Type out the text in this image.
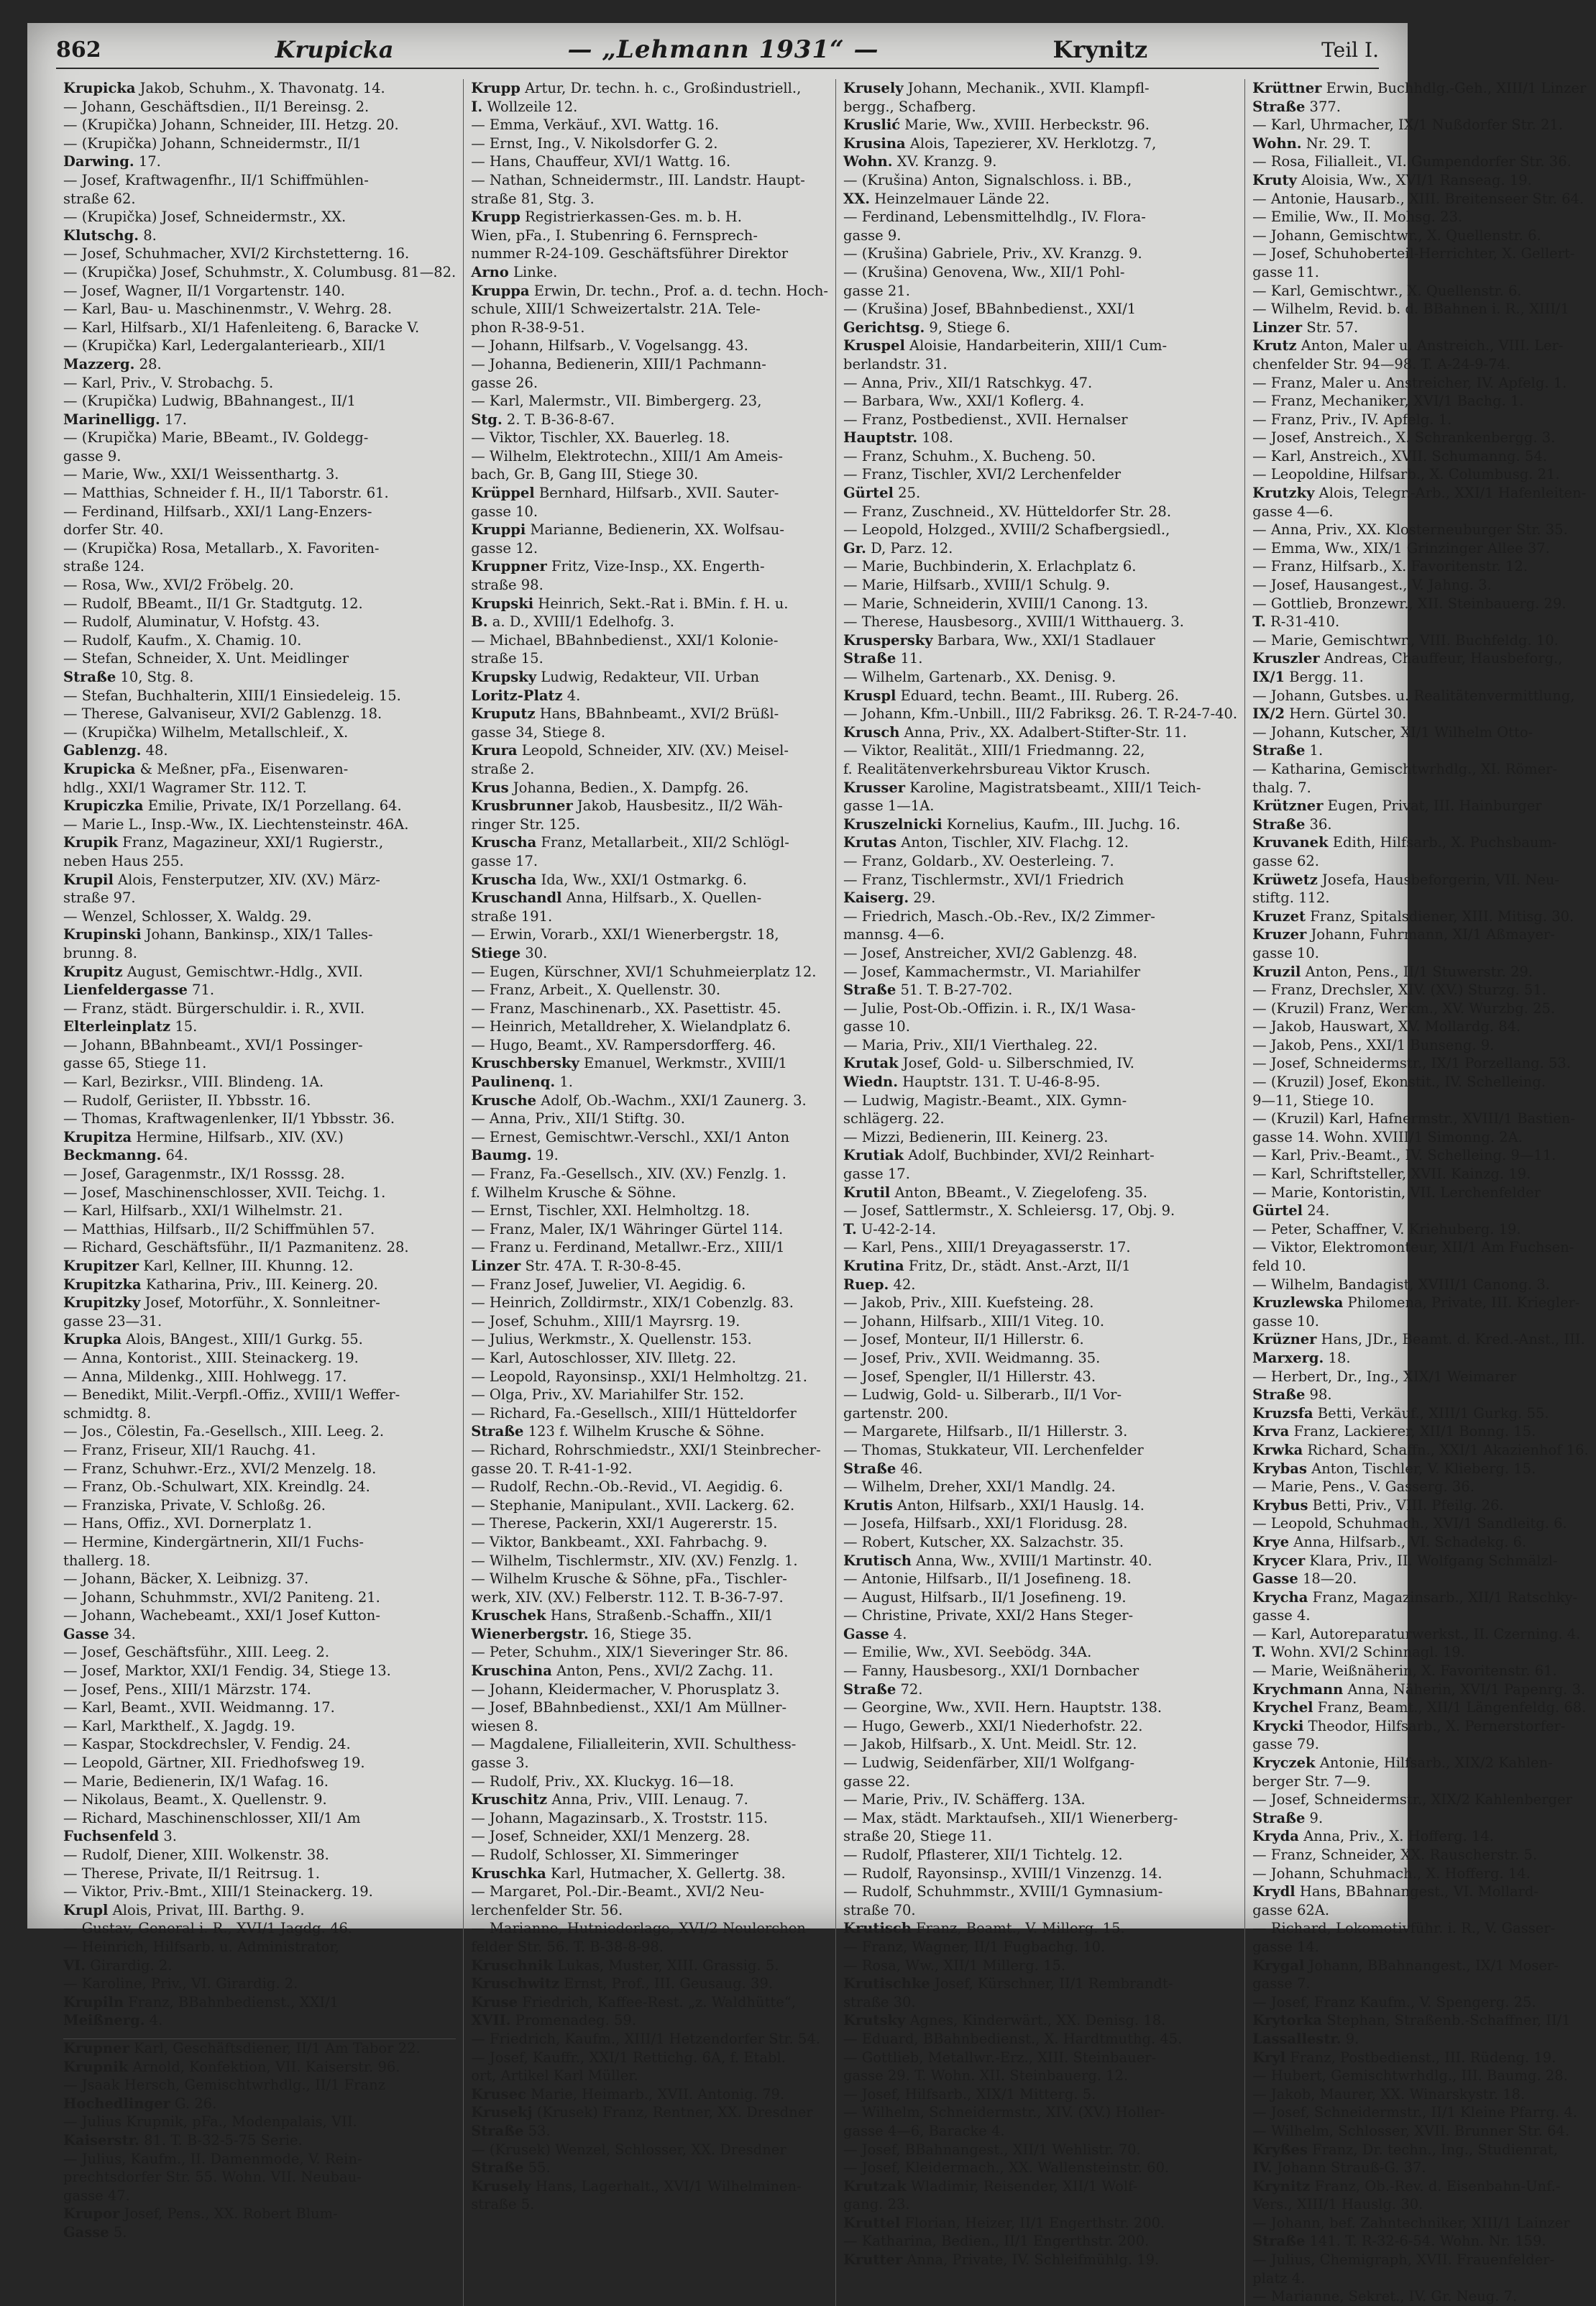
862	Krupicka	— „Lehmann 1931“ —	Krynitz	Teil I.
Krupicka Jakob, Schuhm., X. Thavonatg. 14.
— Johann, Geschäftsdien., II/1 Bereinsg. 2.
— (Krupička) Johann, Schneider, III. Hetzg. 20.
— (Krupička) Johann, Schneidermstr., II/1
Darwing. 17.
— Josef, Kraftwagenfhr., II/1 Schiffmühlen-
straße 62.
— (Krupička) Josef, Schneidermstr., XX.
Klutschg. 8.
— Josef, Schuhmacher, XVI/2 Kirchstetterng. 16.
— (Krupička) Josef, Schuhmstr., X. Columbusg. 81—82.
— Josef, Wagner, II/1 Vorgartenstr. 140.
— Karl, Bau- u. Maschinenmstr., V. Wehrg. 28.
— Karl, Hilfsarb., XI/1 Hafenleiteng. 6, Baracke V.
— (Krupička) Karl, Ledergalanteriearb., XII/1
Mazzerg. 28.
— Karl, Priv., V. Strobachg. 5.
— (Krupička) Ludwig, BBahnangest., II/1
Marinelligg. 17.
— (Krupička) Marie, BBeamt., IV. Goldegg-
gasse 9.
— Marie, Ww., XXI/1 Weissenthartg. 3.
— Matthias, Schneider f. H., II/1 Taborstr. 61.
— Ferdinand, Hilfsarb., XXI/1 Lang-Enzers-
dorfer Str. 40.
— (Krupička) Rosa, Metallarb., X. Favoriten-
straße 124.
— Rosa, Ww., XVI/2 Fröbelg. 20.
— Rudolf, BBeamt., II/1 Gr. Stadtgutg. 12.
— Rudolf, Aluminatur, V. Hofstg. 43.
— Rudolf, Kaufm., X. Chamig. 10.
— Stefan, Schneider, X. Unt. Meidlinger
Straße 10, Stg. 8.
— Stefan, Buchhalterin, XIII/1 Einsiedeleig. 15.
— Therese, Galvaniseur, XVI/2 Gablenzg. 18.
— (Krupička) Wilhelm, Metallschleif., X.
Gablenzg. 48.
Krupicka & Meßner, pFa., Eisenwaren-
hdlg., XXI/1 Wagramer Str. 112. T.
Krupiczka Emilie, Private, IX/1 Porzellang. 64.
— Marie L., Insp.-Ww., IX. Liechtensteinstr. 46A.
Krupik Franz, Magazineur, XXI/1 Rugierstr.,
neben Haus 255.
Krupil Alois, Fensterputzer, XIV. (XV.) März-
straße 97.
— Wenzel, Schlosser, X. Waldg. 29.
Krupinski Johann, Bankinsp., XIX/1 Talles-
brunng. 8.
Krupitz August, Gemischtwr.-Hdlg., XVII.
Lienfeldergasse 71.
— Franz, städt. Bürgerschuldir. i. R., XVII.
Elterleinplatz 15.
— Johann, BBahnbeamt., XVI/1 Possinger-
gasse 65, Stiege 11.
— Karl, Bezirksr., VIII. Blindeng. 1A.
— Rudolf, Geriister, II. Ybbsstr. 16.
— Thomas, Kraftwagenlenker, II/1 Ybbsstr. 36.
Krupitza Hermine, Hilfsarb., XIV. (XV.)
Beckmanng. 64.
— Josef, Garagenmstr., IX/1 Rosssg. 28.
— Josef, Maschinenschlosser, XVII. Teichg. 1.
— Karl, Hilfsarb., XXI/1 Wilhelmstr. 21.
— Matthias, Hilfsarb., II/2 Schiffmühlen 57.
— Richard, Geschäftsführ., II/1 Pazmanitenz. 28.
Krupitzer Karl, Kellner, III. Khunng. 12.
Krupitzka Katharina, Priv., III. Keinerg. 20.
Krupitzky Josef, Motorführ., X. Sonnleitner-
gasse 23—31.
Krupka Alois, BAngest., XIII/1 Gurkg. 55.
— Anna, Kontorist., XIII. Steinackerg. 19.
— Anna, Mildenkg., XIII. Hohlwegg. 17.
— Benedikt, Milit.-Verpfl.-Offiz., XVIII/1 Weffer-
schmidtg. 8.
— Jos., Cölestin, Fa.-Gesellsch., XIII. Leeg. 2.
— Franz, Friseur, XII/1 Rauchg. 41.
— Franz, Schuhwr.-Erz., XVI/2 Menzelg. 18.
— Franz, Ob.-Schulwart, XIX. Kreindlg. 24.
— Franziska, Private, V. Schloßg. 26.
— Hans, Offiz., XVI. Dornerplatz 1.
— Hermine, Kindergärtnerin, XII/1 Fuchs-
thallerg. 18.
— Johann, Bäcker, X. Leibnizg. 37.
— Johann, Schuhmmstr., XVI/2 Paniteng. 21.
— Johann, Wachebeamt., XXI/1 Josef Kutton-
Gasse 34.
— Josef, Geschäftsführ., XIII. Leeg. 2.
— Josef, Marktor, XXI/1 Fendig. 34, Stiege 13.
— Josef, Pens., XIII/1 Märzstr. 174.
— Karl, Beamt., XVII. Weidmanng. 17.
— Karl, Markthelf., X. Jagdg. 19.
— Kaspar, Stockdrechsler, V. Fendig. 24.
— Leopold, Gärtner, XII. Friedhofsweg 19.
— Marie, Bedienerin, IX/1 Wafag. 16.
— Nikolaus, Beamt., X. Quellenstr. 9.
— Richard, Maschinenschlosser, XII/1 Am
Fuchsenfeld 3.
— Rudolf, Diener, XIII. Wolkenstr. 38.
— Therese, Private, II/1 Reitrsug. 1.
— Viktor, Priv.-Bmt., XIII/1 Steinackerg. 19.
Krupl Alois, Privat, III. Barthg. 9.
— Gustav, General i. R., XVI/1 Jagdg. 46.
— Heinrich, Hilfsarb. u. Administrator,
VI. Girardig. 2.
— Karoline, Priv., VI. Girardig. 2.
Krupiln Franz, BBahnbedienst., XXI/1
Meißnerg. 4.
Krupner Karl, Geschäftsdiener, II/1 Am Tabor 22.
Krupnik Arnold, Konfektion, VII. Kaiserstr. 96.
— Jsaak Hersch, Gemischtwrhdlg., II/1 Franz
Hochedlinger G. 26.
— Julius Krupnik, pFa., Modenpalais, VII.
Kaiserstr. 81. T. B-32-5-75 Serie.
— Julius, Kaufm., II. Damenmode, V. Rein-
prechtsdorfer Str. 55. Wohn. VII. Neubau-
gasse 47.
Krupor Josef, Pens., XX. Robert Blum-
Gasse 5.
Krupp Artur, Dr. techn. h. c., Großindustriell.,
I. Wollzeile 12.
— Emma, Verkäuf., XVI. Wattg. 16.
— Ernst, Ing., V. Nikolsdorfer G. 2.
— Hans, Chauffeur, XVI/1 Wattg. 16.
— Nathan, Schneidermstr., III. Landstr. Haupt-
straße 81, Stg. 3.
Krupp Registrierkassen-Ges. m. b. H.
Wien, pFa., I. Stubenring 6. Fernsprech-
nummer R-24-109. Geschäftsführer Direktor
Arno Linke.
Kruppa Erwin, Dr. techn., Prof. a. d. techn. Hoch-
schule, XIII/1 Schweizertalstr. 21A. Tele-
phon R-38-9-51.
— Johann, Hilfsarb., V. Vogelsangg. 43.
— Johanna, Bedienerin, XIII/1 Pachmann-
gasse 26.
— Karl, Malermstr., VII. Bimbergerg. 23,
Stg. 2. T. B-36-8-67.
— Viktor, Tischler, XX. Bauerleg. 18.
— Wilhelm, Elektrotechn., XIII/1 Am Ameis-
bach, Gr. B, Gang III, Stiege 30.
Krüppel Bernhard, Hilfsarb., XVII. Sauter-
gasse 10.
Kruppi Marianne, Bedienerin, XX. Wolfsau-
gasse 12.
Kruppner Fritz, Vize-Insp., XX. Engerth-
straße 98.
Krupski Heinrich, Sekt.-Rat i. BMin. f. H. u.
B. a. D., XVIII/1 Edelhofg. 3.
— Michael, BBahnbedienst., XXI/1 Kolonie-
straße 15.
Krupsky Ludwig, Redakteur, VII. Urban
Loritz-Platz 4.
Kruputz Hans, BBahnbeamt., XVI/2 Brüßl-
gasse 34, Stiege 8.
Krura Leopold, Schneider, XIV. (XV.) Meisel-
straße 2.
Krus Johanna, Bedien., X. Dampfg. 26.
Krusbrunner Jakob, Hausbesitz., II/2 Wäh-
ringer Str. 125.
Kruscha Franz, Metallarbeit., XII/2 Schlögl-
gasse 17.
Kruscha Ida, Ww., XXI/1 Ostmarkg. 6.
Kruschandl Anna, Hilfsarb., X. Quellen-
straße 191.
— Erwin, Vorarb., XXI/1 Wienerbergstr. 18,
Stiege 30.
— Eugen, Kürschner, XVI/1 Schuhmeierplatz 12.
— Franz, Arbeit., X. Quellenstr. 30.
— Franz, Maschinenarb., XX. Pasettistr. 45.
— Heinrich, Metalldreher, X. Wielandplatz 6.
— Hugo, Beamt., XV. Rampersdorfferg. 46.
Kruschbersky Emanuel, Werkmstr., XVIII/1
Paulinenq. 1.
Krusche Adolf, Ob.-Wachm., XXI/1 Zaunerg. 3.
— Anna, Priv., XII/1 Stiftg. 30.
— Ernest, Gemischtwr.-Verschl., XXI/1 Anton
Baumg. 19.
— Franz, Fa.-Gesellsch., XIV. (XV.) Fenzlg. 1.
f. Wilhelm Krusche & Söhne.
— Ernst, Tischler, XXI. Helmholtzg. 18.
— Franz, Maler, IX/1 Währinger Gürtel 114.
— Franz u. Ferdinand, Metallwr.-Erz., XIII/1
Linzer Str. 47A. T. R-30-8-45.
— Franz Josef, Juwelier, VI. Aegidig. 6.
— Heinrich, Zolldirmstr., XIX/1 Cobenzlg. 83.
— Josef, Schuhm., XIII/1 Mayrsrg. 19.
— Julius, Werkmstr., X. Quellenstr. 153.
— Karl, Autoschlosser, XIV. Illetg. 22.
— Leopold, Rayonsinsp., XXI/1 Helmholtzg. 21.
— Olga, Priv., XV. Mariahilfer Str. 152.
— Richard, Fa.-Gesellsch., XIII/1 Hütteldorfer
Straße 123 f. Wilhelm Krusche & Söhne.
— Richard, Rohrschmiedstr., XXI/1 Steinbrecher-
gasse 20. T. R-41-1-92.
— Rudolf, Rechn.-Ob.-Revid., VI. Aegidig. 6.
— Stephanie, Manipulant., XVII. Lackerg. 62.
— Therese, Packerin, XXI/1 Augererstr. 15.
— Viktor, Bankbeamt., XXI. Fahrbachg. 9.
— Wilhelm, Tischlermstr., XIV. (XV.) Fenzlg. 1.
— Wilhelm Krusche & Söhne, pFa., Tischler-
werk, XIV. (XV.) Felberstr. 112. T. B-36-7-97.
Kruschek Hans, Straßenb.-Schaffn., XII/1
Wienerbergstr. 16, Stiege 35.
— Peter, Schuhm., XIX/1 Sieveringer Str. 86.
Kruschina Anton, Pens., XVI/2 Zachg. 11.
— Johann, Kleidermacher, V. Phorusplatz 3.
— Josef, BBahnbedienst., XXI/1 Am Müllner-
wiesen 8.
— Magdalene, Filialleiterin, XVII. Schulthess-
gasse 3.
— Rudolf, Priv., XX. Kluckyg. 16—18.
Kruschitz Anna, Priv., VIII. Lenaug. 7.
— Johann, Magazinsarb., X. Troststr. 115.
— Josef, Schneider, XXI/1 Menzerg. 28.
— Rudolf, Schlosser, XI. Simmeringer
Kruschka Karl, Hutmacher, X. Gellertg. 38.
— Margaret, Pol.-Dir.-Beamt., XVI/2 Neu-
lerchenfelder Str. 56.
— Marianne, Hutniederlage, XVI/2 Neulerchen-
felder Str. 56. T. B-38-8-98.
Kruschnik Lukas, Muster, XIII. Grassig. 5.
Kruschwitz Ernst, Prof., III. Geusaug. 39.
Kruse Friedrich, Kaffee-Rest. „z. Waldhütte“,
XVII. Promenadeg. 59.
— Friedrich, Kaufm., XIII/1 Hetzendorfer Str. 54.
— Josef, Kauffr., XXI/1 Rettichg. 6A, f. Etabl.
ort, Artikel Karl Müller.
Krusec Marie, Heimarb., XVII. Antonig. 79.
Krusekj (Krusek) Franz, Rentner, XX. Dresdner
Straße 53.
— (Krusek) Wenzel, Schlosser, XX. Dresdner
Straße 55.
Krusely Hans, Lagerhalt., XVI/1 Wilhelminen-
straße 5.
Krusely Johann, Mechanik., XVII. Klampfl-
bergg., Schafberg.
Kruslić Marie, Ww., XVIII. Herbeckstr. 96.
Krusina Alois, Tapezierer, XV. Herklotzg. 7,
Wohn. XV. Kranzg. 9.
— (Krušina) Anton, Signalschloss. i. BB.,
XX. Heinzelmauer Lände 22.
— Ferdinand, Lebensmittelhdlg., IV. Flora-
gasse 9.
— (Krušina) Gabriele, Priv., XV. Kranzg. 9.
— (Krušina) Genovena, Ww., XII/1 Pohl-
gasse 21.
— (Krušina) Josef, BBahnbedienst., XXI/1
Gerichtsg. 9, Stiege 6.
Kruspel Aloisie, Handarbeiterin, XIII/1 Cum-
berlandstr. 31.
— Anna, Priv., XII/1 Ratschkyg. 47.
— Barbara, Ww., XXI/1 Koflerg. 4.
— Franz, Postbedienst., XVII. Hernalser
Hauptstr. 108.
— Franz, Schuhm., X. Bucheng. 50.
— Franz, Tischler, XVI/2 Lerchenfelder
Gürtel 25.
— Franz, Zuschneid., XV. Hütteldorfer Str. 28.
— Leopold, Holzged., XVIII/2 Schafbergsiedl.,
Gr. D, Parz. 12.
— Marie, Buchbinderin, X. Erlachplatz 6.
— Marie, Hilfsarb., XVIII/1 Schulg. 9.
— Marie, Schneiderin, XVIII/1 Canong. 13.
— Therese, Hausbesorg., XVIII/1 Witthauerg. 3.
Kruspersky Barbara, Ww., XXI/1 Stadlauer
Straße 11.
— Wilhelm, Gartenarb., XX. Denisg. 9.
Kruspl Eduard, techn. Beamt., III. Ruberg. 26.
— Johann, Kfm.-Unbill., III/2 Fabriksg. 26. T. R-24-7-40.
Krusch Anna, Priv., XX. Adalbert-Stifter-Str. 11.
— Viktor, Realität., XIII/1 Friedmanng. 22,
f. Realitätenverkehrsbureau Viktor Krusch.
Krusser Karoline, Magistratsbeamt., XIII/1 Teich-
gasse 1—1A.
Kruszelnicki Kornelius, Kaufm., III. Juchg. 16.
Krutas Anton, Tischler, XIV. Flachg. 12.
— Franz, Goldarb., XV. Oesterleing. 7.
— Franz, Tischlermstr., XVI/1 Friedrich
Kaiserg. 29.
— Friedrich, Masch.-Ob.-Rev., IX/2 Zimmer-
mannsg. 4—6.
— Josef, Anstreicher, XVI/2 Gablenzg. 48.
— Josef, Kammachermstr., VI. Mariahilfer
Straße 51. T. B-27-702.
— Julie, Post-Ob.-Offizin. i. R., IX/1 Wasa-
gasse 10.
— Maria, Priv., XII/1 Vierthaleg. 22.
Krutak Josef, Gold- u. Silberschmied, IV.
Wiedn. Hauptstr. 131. T. U-46-8-95.
— Ludwig, Magistr.-Beamt., XIX. Gymn-
schlägerg. 22.
— Mizzi, Bedienerin, III. Keinerg. 23.
Krutiak Adolf, Buchbinder, XVI/2 Reinhart-
gasse 17.
Krutil Anton, BBeamt., V. Ziegelofeng. 35.
— Josef, Sattlermstr., X. Schleiersg. 17, Obj. 9.
T. U-42-2-14.
— Karl, Pens., XIII/1 Dreyagasserstr. 17.
Krutina Fritz, Dr., städt. Anst.-Arzt, II/1
Ruep. 42.
— Jakob, Priv., XIII. Kuefsteing. 28.
— Johann, Hilfsarb., XIII/1 Viteg. 10.
— Josef, Monteur, II/1 Hillerstr. 6.
— Josef, Priv., XVII. Weidmanng. 35.
— Josef, Spengler, II/1 Hillerstr. 43.
— Ludwig, Gold- u. Silberarb., II/1 Vor-
gartenstr. 200.
— Margarete, Hilfsarb., II/1 Hillerstr. 3.
— Thomas, Stukkateur, VII. Lerchenfelder
Straße 46.
— Wilhelm, Dreher, XXI/1 Mandlg. 24.
Krutis Anton, Hilfsarb., XXI/1 Hauslg. 14.
— Josefa, Hilfsarb., XXI/1 Floridusg. 28.
— Robert, Kutscher, XX. Salzachstr. 35.
Krutisch Anna, Ww., XVIII/1 Martinstr. 40.
— Antonie, Hilfsarb., II/1 Josefineng. 18.
— August, Hilfsarb., II/1 Josefineng. 19.
— Christine, Private, XXI/2 Hans Steger-
Gasse 4.
— Emilie, Ww., XVI. Seebödg. 34A.
— Fanny, Hausbesorg., XXI/1 Dornbacher
Straße 72.
— Georgine, Ww., XVII. Hern. Hauptstr. 138.
— Hugo, Gewerb., XXI/1 Niederhofstr. 22.
— Jakob, Hilfsarb., X. Unt. Meidl. Str. 12.
— Ludwig, Seidenfärber, XII/1 Wolfgang-
gasse 22.
— Marie, Priv., IV. Schäfferg. 13A.
— Max, städt. Marktaufseh., XII/1 Wienerberg-
straße 20, Stiege 11.
— Rudolf, Pflasterer, XII/1 Tichtelg. 12.
— Rudolf, Rayonsinsp., XVIII/1 Vinzenzg. 14.
— Rudolf, Schuhmmstr., XVIII/1 Gymnasium-
straße 70.
Krutisch Franz, Beamt., V. Millerg. 15.
— Franz, Wagner, II/1 Fugbachg. 10.
— Rosa, Ww., XII/1 Millerg. 15.
Krutischke Josef, Kürschner, II/1 Rembrandt-
straße 30.
Krutsky Agnes, Kinderwärt., XX. Denisg. 18.
— Eduard, BBahnbedienst., X. Hardtmuthg. 45.
— Gottlieb, Metallwr.-Erz., XIII. Steinbauer-
gasse 29. T. Wohn. XII. Steinbauerg. 12.
— Josef, Hilfsarb., XIX/1 Mitterg. 5.
— Wilhelm, Schneidermstr., XIV. (XV.) Holler-
gasse 4—6, Baracke 4.
— Josef, BBahnangest., XII/1 Wehlistr. 70.
— Josef, Kleidermach., XX. Wallensteinstr. 60.
Krutzak Wladimir, Reisender, XII/1 Wolf-
gang. 23.
Kruttel Florian, Heizer, II/1 Engerthstr. 200.
— Katharina, Bedien., II/1 Engerthstr. 200.
Krutter Anna, Private, IV. Schleifmühlg. 19.
Krüttner Erwin, Buchhdlg.-Geh., XIII/1 Linzer
Straße 377.
— Karl, Uhrmacher, IX/1 Nußdorfer Str. 21.
Wohn. Nr. 29. T.
— Rosa, Filialleit., VI. Gumpendorfer Str. 36.
Kruty Aloisia, Ww., XVI/1 Ranseag. 19.
— Antonie, Hausarb., XIII. Breitenseer Str. 64.
— Emilie, Ww., II. Mohsg. 23.
— Johann, Gemischtwr., X. Quellenstr. 6.
— Josef, Schuhoberteil-Herrichter, X. Gellert-
gasse 11.
— Karl, Gemischtwr., X. Quellenstr. 6.
— Wilhelm, Revid. b. d. BBahnen i. R., XIII/1
Linzer Str. 57.
Krutz Anton, Maler u. Anstreich., VIII. Ler-
chenfelder Str. 94—98. T. A-24-9-74.
— Franz, Maler u. Anstreicher, IV. Apfelg. 1.
— Franz, Mechaniker, XVI/1 Bachg. 1.
— Franz, Priv., IV. Apfelg. 1.
— Josef, Anstreich., X. Schrankenbergg. 3.
— Karl, Anstreich., XVII. Schumanng. 54.
— Leopoldine, Hilfsarb., X. Columbusg. 21.
Krutzky Alois, Telegr.-Arb., XXI/1 Hafenleiten-
gasse 4—6.
— Anna, Priv., XX. Klosterneuburger Str. 35.
— Emma, Ww., XIX/1 Grinzinger Allee 37.
— Franz, Hilfsarb., X. Favoritenstr. 12.
— Josef, Hausangest., V. Jahng. 3.
— Gottlieb, Bronzewr., XII. Steinbauerg. 29.
T. R-31-410.
— Marie, Gemischtwr., VIII. Buchfeldg. 10.
Kruszler Andreas, Chauffeur, Hausbeforg.,
IX/1 Bergg. 11.
— Johann, Gutsbes. u. Realitätenvermittlung,
IX/2 Hern. Gürtel 30.
— Johann, Kutscher, XI/1 Wilhelm Otto-
Straße 1.
— Katharina, Gemischtwrhdlg., XI. Römer-
thalg. 7.
Krützner Eugen, Privat, III. Hainburger
Straße 36.
Kruvanek Edith, Hilfsarb., X. Puchsbaum-
gasse 62.
Krüwetz Josefa, Hausbeforgerin, VII. Neu-
stiftg. 112.
Kruzet Franz, Spitalsdiener, XIII. Mitisg. 30.
Kruzer Johann, Fuhrmann, XI/1 Aßmayer-
gasse 10.
Kruzil Anton, Pens., II/1 Stuwerstr. 29.
— Franz, Drechsler, XIV. (XV.) Sturzg. 51.
— (Kruzil) Franz, Werkm., XV. Wurzbg. 25.
— Jakob, Hauswart, XV. Mollardg. 84.
— Jakob, Pens., XXI/1 Bunseng. 9.
— Josef, Schneidermstr., IX/1 Porzellang. 53.
— (Kruzil) Josef, Ekonstit., IV. Schelleing.
9—11, Stiege 10.
— (Kruzil) Karl, Hafnermstr., XVIII/1 Bastien-
gasse 14. Wohn. XVIII/1 Simonng. 2A.
— Karl, Priv.-Beamt., IV. Schelleing. 9—11.
— Karl, Schriftsteller, XVII. Kainzg. 19.
— Marie, Kontoristin, VII. Lerchenfelder
Gürtel 24.
— Peter, Schaffner, V. Kriehuberg. 19.
— Viktor, Elektromonteur, XII/1 Am Fuchsen-
feld 10.
— Wilhelm, Bandagist, XVIII/1 Canong. 3.
Kruzlewska Philomena, Private, III. Kriegler-
gasse 10.
Krüzner Hans, JDr., Beamt. d. Kred.-Anst., III.
Marxerg. 18.
— Herbert, Dr., Ing., XIX/1 Weimarer
Straße 98.
Kruzsfa Betti, Verkäuf., XIII/1 Gurkg. 55.
Krva Franz, Lackierer, XII/1 Bonng. 15.
Krwka Richard, Schaffn., XXI/1 Akazienhof 16.
Krybas Anton, Tischler, V. Klieberg. 15.
— Marie, Pens., V. Gasserg. 36.
Krybus Betti, Priv., VIII. Pfeilg. 26.
— Leopold, Schuhmach., XVI/1 Sandleitg. 6.
Krye Anna, Hilfsarb., VI. Schadekg. 6.
Krycer Klara, Priv., II. Wolfgang Schmälzl-
Gasse 18—20.
Krycha Franz, Magazinsarb., XII/1 Ratschky-
gasse 4.
— Karl, Autoreparaturwerkst., II. Czerning. 4.
T. Wohn. XVI/2 Schinnagl. 19.
— Marie, Weißnäherin, X. Favoritenstr. 61.
Krychmann Anna, Näherin, XVI/1 Papenrg. 3.
Krychel Franz, Beamt., XII/1 Längenfeldg. 68.
Krycki Theodor, Hilfsarb., X. Pernerstorfer-
gasse 79.
Kryczek Antonie, Hilfsarb., XIX/2 Kahlen-
berger Str. 7—9.
— Josef, Schneidermstr., XIX/2 Kahlenberger
Straße 9.
Kryda Anna, Priv., X. Hofferg. 14.
— Franz, Schneider, XX. Rauscherstr. 5.
— Johann, Schuhmach., X. Hofferg. 14.
Krydl Hans, BBahnangest., VI. Mollard-
gasse 62A.
— Richard, Lokomotivführ. i. R., V. Gasser-
gasse 14.
Krygal Johann, BBahnangest., IX/1 Moser-
gasse 7.
— Josef, Franz Kaufm., V. Spengerg. 25.
Krytorka Stephan, Straßenb.-Schaffner, II/1
Lassallestr. 9.
Kryl Franz, Postbedienst., III. Rüdeng. 19.
— Hubert, Gemischtwrhdlg., III. Baumg. 28.
— Jakob, Maurer, XX. Winarskystr. 18.
— Josef, Schneidermstr., II/1 Kleine Pfarrg. 4.
— Wilhelm, Schlosser, XVII. Brunner Str. 64.
Kryßes Franz, Dr. techn., Ing., Studienrat,
IV. Johann Strauß-G. 37.
Krynitz Franz, Ob.-Rev. d. Eisenbahn-Unf.-
Vers., XIII/1 Hauslg. 30.
— Johann, bef. Zahntechniker, XIII/1 Lainzer
Straße 141. T. R-32-6-54. Wohn. Nr. 159.
— Julius, Chemigraph, XVII. Frauenfelder-
platz 4.
— Marianne, Sekret., IV. Gr. Neug. 7.
